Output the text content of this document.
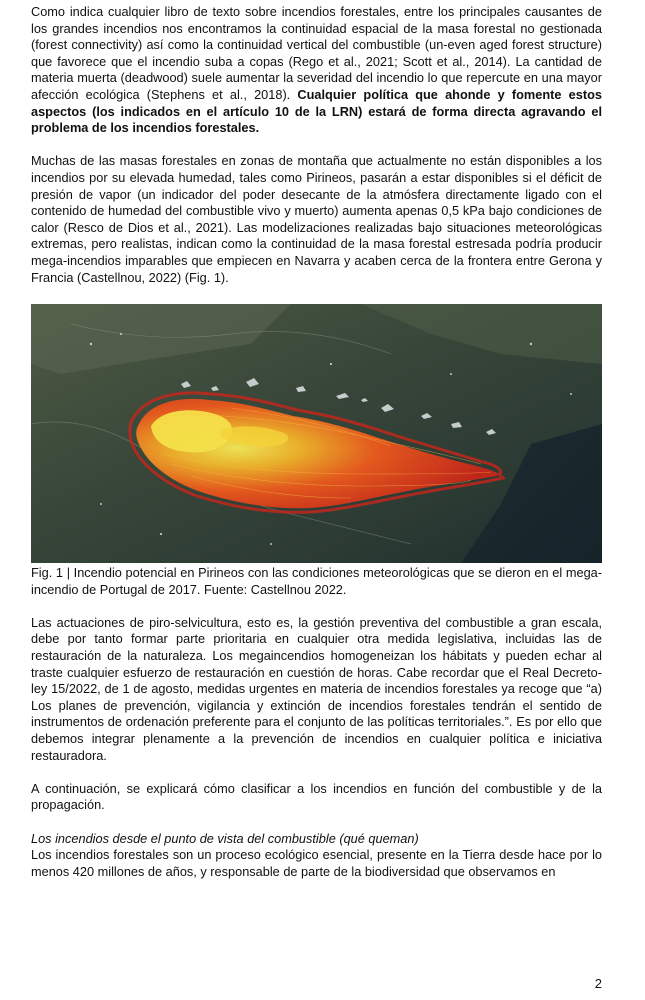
Como indica cualquier libro de texto sobre incendios forestales, entre los principales causantes de los grandes incendios nos encontramos la continuidad espacial de la masa forestal no gestionada (forest connectivity) así como la continuidad vertical del combustible (un-even aged forest structure) que favorece que el incendio suba a copas (Rego et al., 2021; Scott et al., 2014). La cantidad de materia muerta (deadwood) suele aumentar la severidad del incendio lo que repercute en una mayor afección ecológica (Stephens et al., 2018). Cualquier política que ahonde y fomente estos aspectos (los indicados en el artículo 10 de la LRN) estará de forma directa agravando el problema de los incendios forestales.

Muchas de las masas forestales en zonas de montaña que actualmente no están disponibles a los incendios por su elevada humedad, tales como Pirineos, pasarán a estar disponibles si el déficit de presión de vapor (un indicador del poder desecante de la atmósfera directamente ligado con el contenido de humedad del combustible vivo y muerto) aumenta apenas 0,5 kPa bajo condiciones de calor (Resco de Dios et al., 2021). Las modelizaciones realizadas bajo situaciones meteorológicas extremas, pero realistas, indican como la continuidad de la masa forestal estresada podría producir mega-incendios imparables que empiecen en Navarra y acaben cerca de la frontera entre Gerona y Francia (Castellnou, 2022) (Fig. 1).

Fig. 1 | Incendio potencial en Pirineos con las condiciones meteorológicas que se dieron en el mega-incendio de Portugal de 2017. Fuente: Castellnou 2022.

Las actuaciones de piro-selvicultura, esto es, la gestión preventiva del combustible a gran escala, debe por tanto formar parte prioritaria en cualquier otra medida legislativa, incluidas las de restauración de la naturaleza. Los megaincendios homogeneizan los hábitats y pueden echar al traste cualquier esfuerzo de restauración en cuestión de horas. Cabe recordar que el Real Decreto-ley 15/2022, de 1 de agosto, medidas urgentes en materia de incendios forestales ya recoge que “a) Los planes de prevención, vigilancia y extinción de incendios forestales tendrán el sentido de instrumentos de ordenación preferente para el conjunto de las políticas territoriales.”. Es por ello que debemos integrar plenamente a la prevención de incendios en cualquier política e iniciativa restauradora.

A continuación, se explicará cómo clasificar a los incendios en función del combustible y de la propagación.

Los incendios desde el punto de vista del combustible (qué queman)

Los incendios forestales son un proceso ecológico esencial, presente en la Tierra desde hace por lo menos 420 millones de años, y responsable de parte de la biodiversidad que observamos en

2
